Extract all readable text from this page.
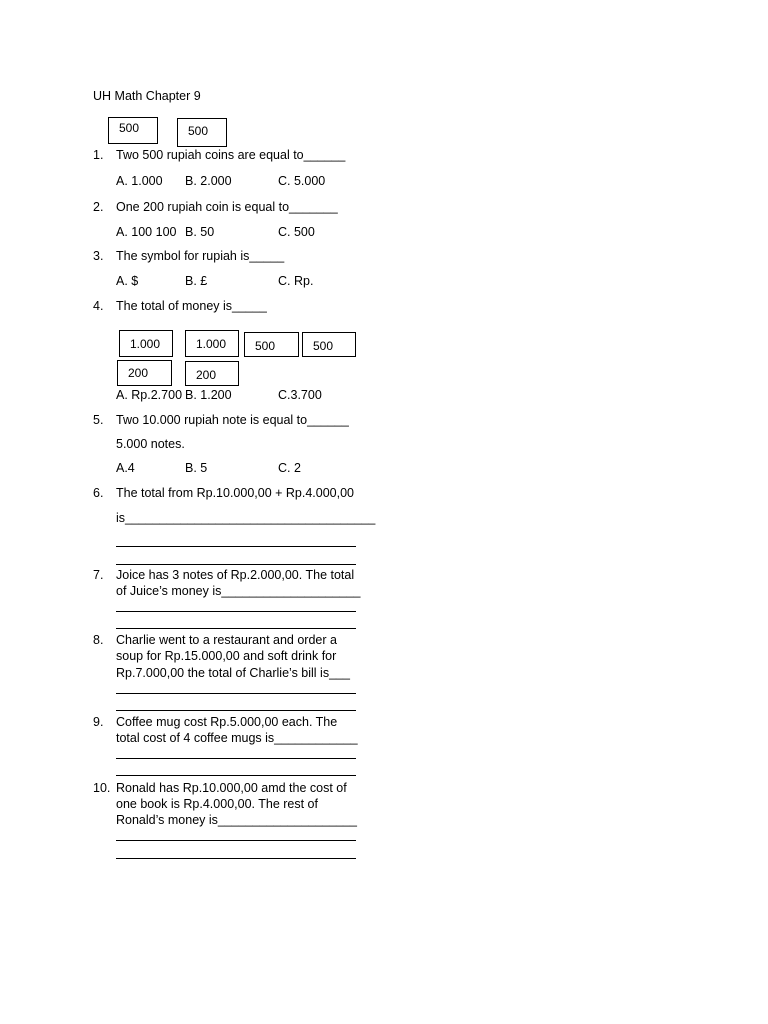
UH Math Chapter 9
500	500
1. Two 500 rupiah coins are equal to______
A. 1.000 B. 2.000	C. 5.000
2. One 200 rupiah coin is equal to_______
A. 100 100 B. 50	C. 500
3. The symbol for rupiah is_____
A. $	B. £	C. Rp.
4. The total of money is_____
1.000	1.000	500	500
200	200
A. Rp.2.700 B. 1.200	C.3.700
5. Two 10.000 rupiah note is equal to______
5.000 notes.
A.4	B. 5	C. 2
6. The total from Rp.10.000,00 + Rp.4.000,00
is____________________________________
7. Joice has 3 notes of Rp.2.000,00. The total
of Juice’s money is____________________
8. Charlie went to a restaurant and order a
soup for Rp.15.000,00 and soft drink for
Rp.7.000,00 the total of Charlie’s bill is___
9. Coffee mug cost Rp.5.000,00 each. The
total cost of 4 coffee mugs is____________
10. Ronald has Rp.10.000,00 amd the cost of
one book is Rp.4.000,00. The rest of
Ronald’s money is____________________
